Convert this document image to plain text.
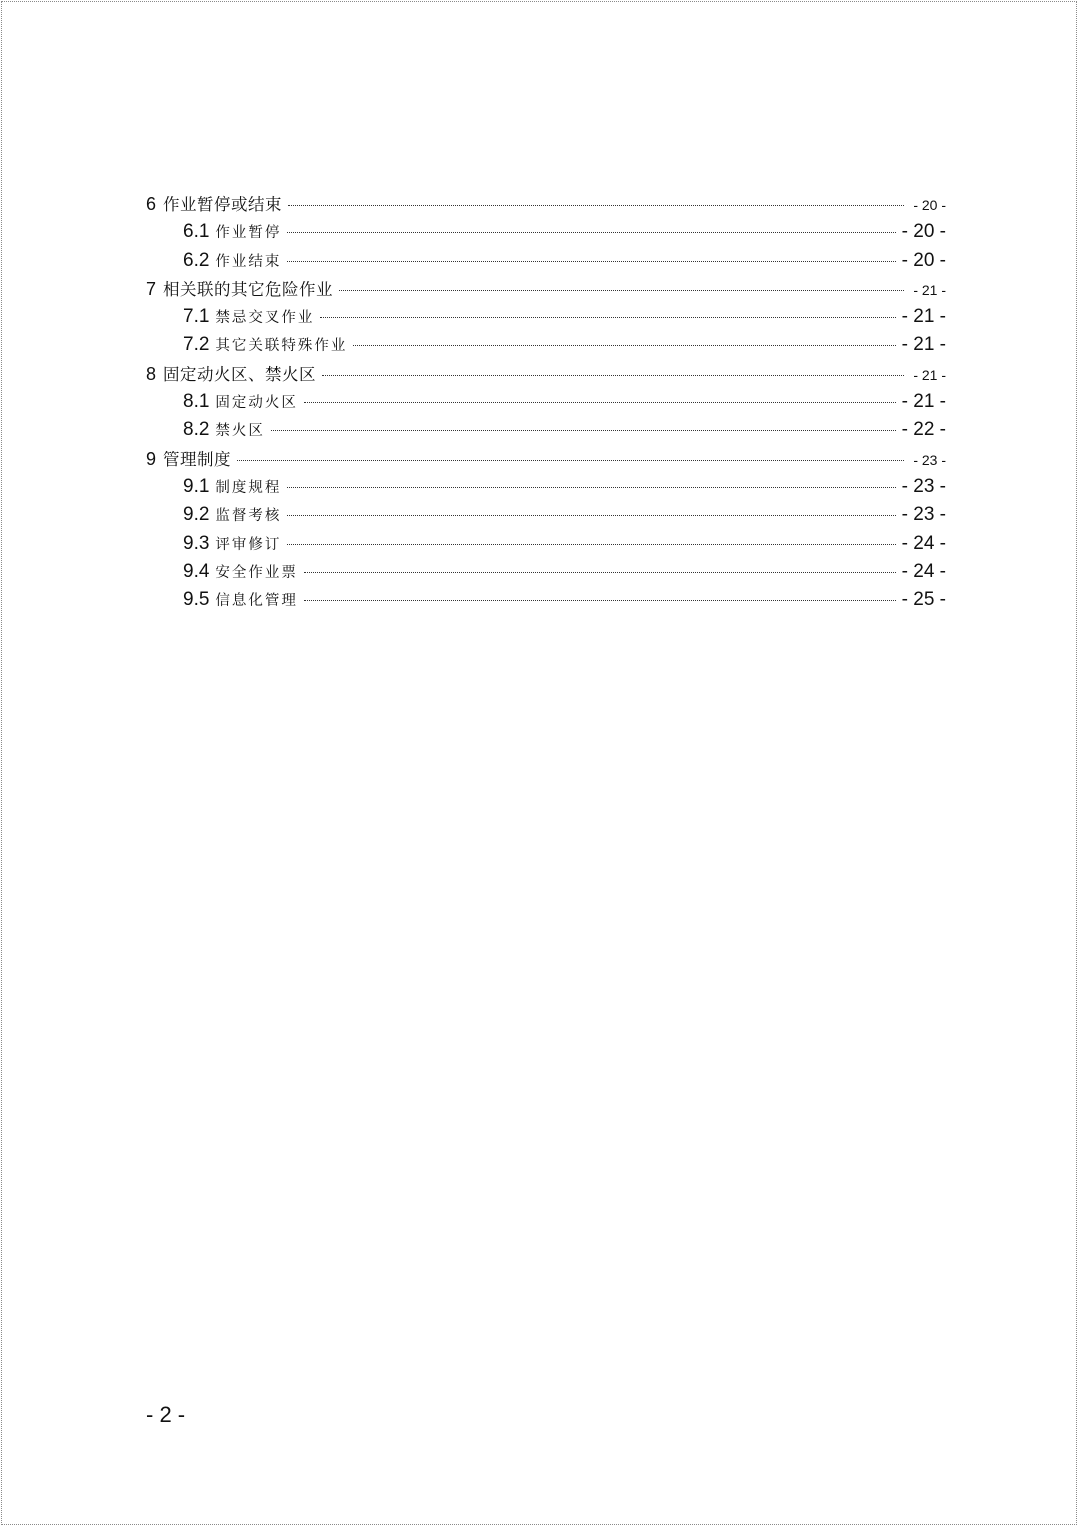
6 作业暂停或结束	- 20 -
6.1 作业暂停	- 20 -
6.2 作业结束	- 20 -
7 相关联的其它危险作业	- 21 -
7.1 禁忌交叉作业	- 21 -
7.2 其它关联特殊作业	- 21 -
8 固定动火区、禁火区	- 21 -
8.1 固定动火区	- 21 -
8.2 禁火区	- 22 -
9 管理制度	- 23 -
9.1 制度规程	- 23 -
9.2 监督考核	- 23 -
9.3 评审修订	- 24 -
9.4 安全作业票	- 24 -
9.5 信息化管理	- 25 -
- 2 -
